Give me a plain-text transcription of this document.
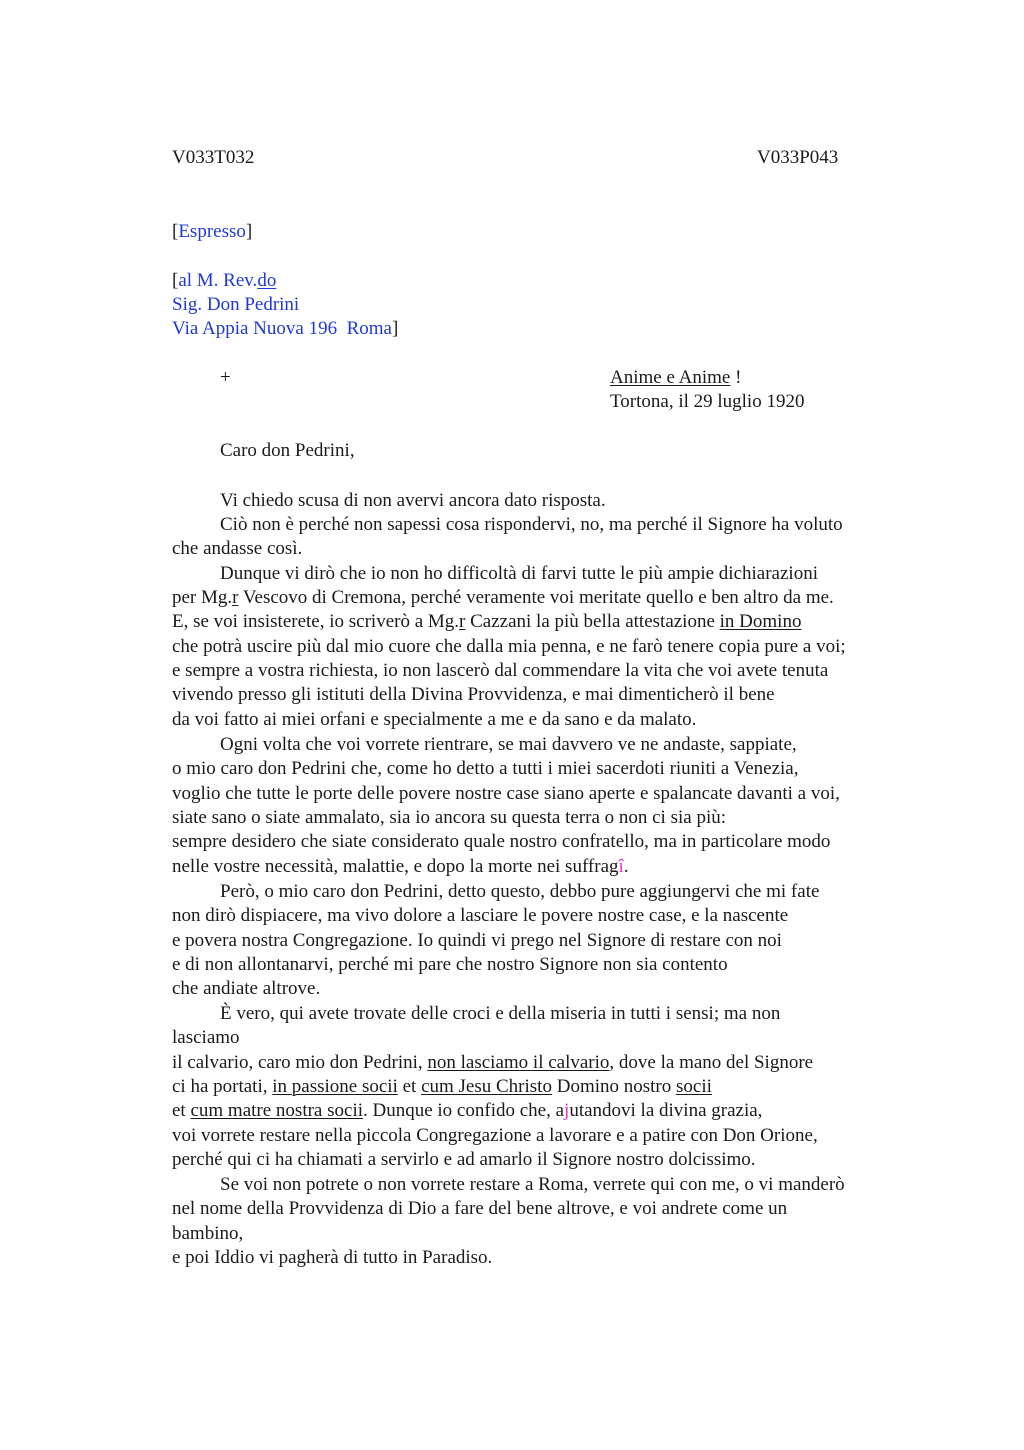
V033T032	V033P043
[Espresso]
[al M. Rev.do
Sig. Don Pedrini
Via Appia Nuova 196  Roma]
+	Anime e Anime !
Tortona, il 29 luglio 1920
Caro don Pedrini,
Vi chiedo scusa di non avervi ancora dato risposta.
Ciò non è perché non sapessi cosa rispondervi, no, ma perché il Signore ha voluto
che andasse così.
Dunque vi dirò che io non ho difficoltà di farvi tutte le più ampie dichiarazioni
per Mg.r Vescovo di Cremona, perché veramente voi meritate quello e ben altro da me.
E, se voi insisterete, io scriverò a Mg.r Cazzani la più bella attestazione in Domino
che potrà uscire più dal mio cuore che dalla mia penna, e ne farò tenere copia pure a voi;
e sempre a vostra richiesta, io non lascerò dal commendare la vita che voi avete tenuta
vivendo presso gli istituti della Divina Provvidenza, e mai dimenticherò il bene
da voi fatto ai miei orfani e specialmente a me e da sano e da malato.
Ogni volta che voi vorrete rientrare, se mai davvero ve ne andaste, sappiate,
o mio caro don Pedrini che, come ho detto a tutti i miei sacerdoti riuniti a Venezia,
voglio che tutte le porte delle povere nostre case siano aperte e spalancate davanti a voi,
siate sano o siate ammalato, sia io ancora su questa terra o non ci sia più:
sempre desidero che siate considerato quale nostro confratello, ma in particolare modo
nelle vostre necessità, malattie, e dopo la morte nei suffragî.
Però, o mio caro don Pedrini, detto questo, debbo pure aggiungervi che mi fate
non dirò dispiacere, ma vivo dolore a lasciare le povere nostre case, e la nascente
e povera nostra Congregazione. Io quindi vi prego nel Signore di restare con noi
e di non allontanarvi, perché mi pare che nostro Signore non sia contento
che andiate altrove.
È vero, qui avete trovate delle croci e della miseria in tutti i sensi; ma non
lasciamo
il calvario, caro mio don Pedrini, non lasciamo il calvario, dove la mano del Signore
ci ha portati, in passione socii et cum Jesu Christo Domino nostro socii
et cum matre nostra socii. Dunque io confido che, ajutandovi la divina grazia,
voi vorrete restare nella piccola Congregazione a lavorare e a patire con Don Orione,
perché qui ci ha chiamati a servirlo e ad amarlo il Signore nostro dolcissimo.
Se voi non potrete o non vorrete restare a Roma, verrete qui con me, o vi manderò
nel nome della Provvidenza di Dio a fare del bene altrove, e voi andrete come un
bambino,
e poi Iddio vi pagherà di tutto in Paradiso.
